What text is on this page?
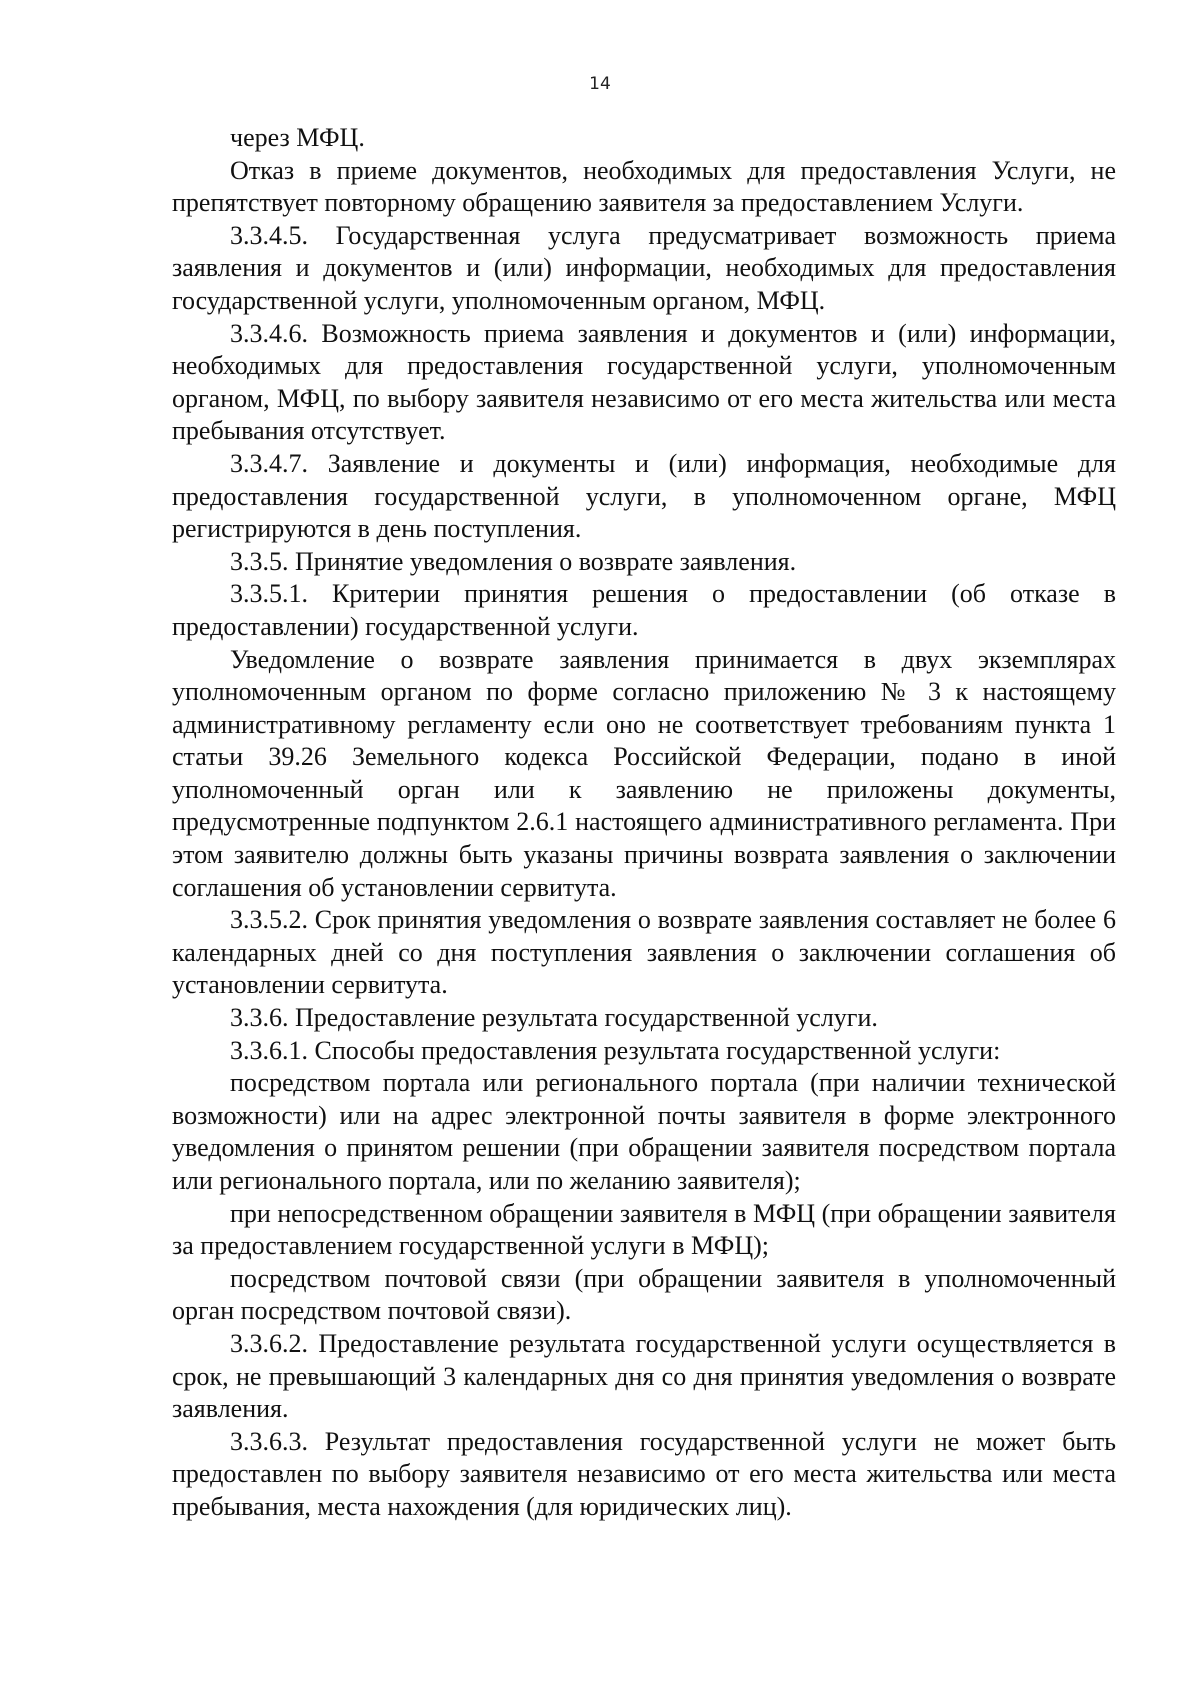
14

через МФЦ.

Отказ в приеме документов, необходимых для предоставления Услуги, не препятствует повторному обращению заявителя за предоставлением Услуги.

3.3.4.5. Государственная услуга предусматривает возможность приема заявления и документов и (или) информации, необходимых для предоставления государственной услуги, уполномоченным органом, МФЦ.

3.3.4.6. Возможность приема заявления и документов и (или) информации, необходимых для предоставления государственной услуги, уполномоченным органом, МФЦ, по выбору заявителя независимо от его места жительства или места пребывания отсутствует.

3.3.4.7. Заявление и документы и (или) информация, необходимые для предоставления государственной услуги, в уполномоченном органе, МФЦ регистрируются в день поступления.

3.3.5. Принятие уведомления о возврате заявления.

3.3.5.1. Критерии принятия решения о предоставлении (об отказе в предоставлении) государственной услуги.

Уведомление о возврате заявления принимается в двух экземплярах уполномоченным органом по форме согласно приложению № 3 к настоящему административному регламенту если оно не соответствует требованиям пункта 1 статьи 39.26 Земельного кодекса Российской Федерации, подано в иной уполномоченный орган или к заявлению не приложены документы, предусмотренные подпунктом 2.6.1 настоящего административного регламента. При этом заявителю должны быть указаны причины возврата заявления о заключении соглашения об установлении сервитута.

3.3.5.2. Срок принятия уведомления о возврате заявления составляет не более 6 календарных дней со дня поступления заявления о заключении соглашения об установлении сервитута.

3.3.6. Предоставление результата государственной услуги.

3.3.6.1. Способы предоставления результата государственной услуги:

посредством портала или регионального портала (при наличии технической возможности) или на адрес электронной почты заявителя в форме электронного уведомления о принятом решении (при обращении заявителя посредством портала или регионального портала, или по желанию заявителя);

при непосредственном обращении заявителя в МФЦ (при обращении заявителя за предоставлением государственной услуги в МФЦ);

посредством почтовой связи (при обращении заявителя в уполномоченный орган посредством почтовой связи).

3.3.6.2. Предоставление результата государственной услуги осуществляется в срок, не превышающий 3 календарных дня со дня принятия уведомления о возврате заявления.

3.3.6.3. Результат предоставления государственной услуги не может быть предоставлен по выбору заявителя независимо от его места жительства или места пребывания, места нахождения (для юридических лиц).
